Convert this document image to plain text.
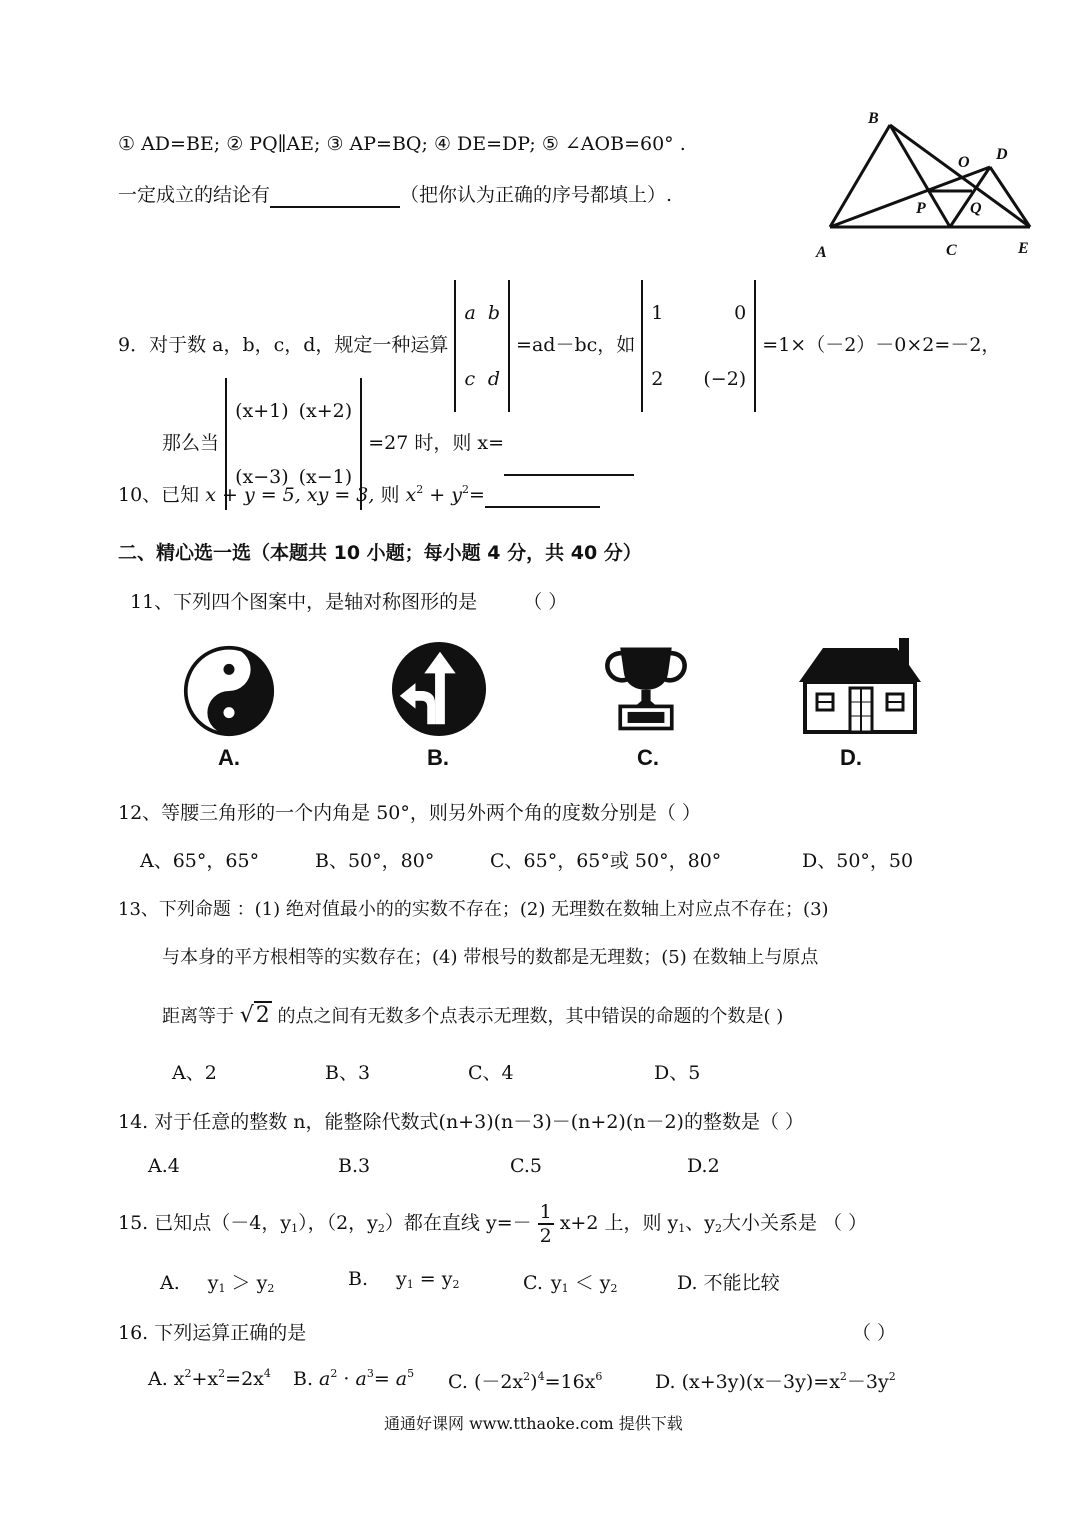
① AD=BE; ② PQ∥AE; ③ AP=BQ; ④ DE=DP; ⑤ ∠AOB=60° .
一定成立的结论有	（把你认为正确的序号都填上）.
A
B
C
D
E
O
P	Q
9．对于数 a，b，c，d，规定一种运算
a b
c d
=ad－bc，如
1	0
2 (−2)
=1×（－2）－0×2=－2，
那么当
(x+1) (x+2)
(x−3) (x−1)
=27 时，则 x=
10、已知 x + y = 5, xy = 3, 则 $x^2 + y^2=$
二、精心选一选（本题共 10 小题；每小题 4 分，共 40 分）
11、下列四个图案中，是轴对称图形的是 （ ）
A.	B.	C.	D.
12、等腰三角形的一个内角是 50°，则另外两个角的度数分别是（ ）
A、65°，65°	B、50°，80°	C、65°，65°或 50°，80°	D、50°，50
13、下列命题 ：(1) 绝对值最小的的实数不存在；(2) 无理数在数轴上对应点不存在；(3)
与本身的平方根相等的实数存在；(4) 带根号的数都是无理数；(5) 在数轴上与原点
距离等于 √2 的点之间有无数多个点表示无理数，其中错误的命题的个数是( )
A、2	B、3	C、4	D、5
14. 对于任意的整数 n，能整除代数式(n+3)(n－3)－(n+2)(n－2)的整数是（ ）
A.4	B.3	C.5	D.2
15. 已知点（－4，$y_1$），（2，$y_2$）都在直线 $y=- \frac{1}{2} x+2$ 上，则 $y_1$、$y_2$大小关系是 （ ）
A. $y_1 > y_2$	B. $y_1 = y_2$	C. $y_1 < y_2$	D. 不能比较
16. 下列运算正确的是	（ ）
A. $x^2+x^2=2x^4$ B. $a^2 \cdot a^3= a^5$ C. $(-2x^2)^4=16x^6$	D. $(x+3y)(x-3y)=x^2-3y^2$
通通好课网 www.tthaoke.com 提供下载
